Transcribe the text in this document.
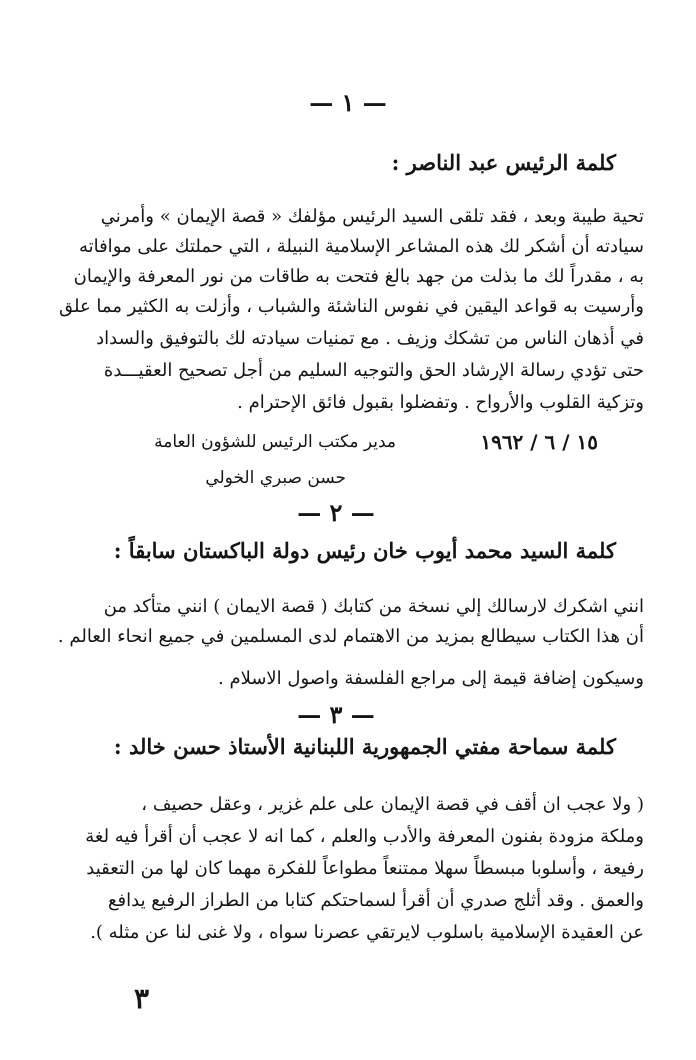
— ١ —
كلمة الرئيس عبد الناصر :
تحية طيبة وبعد ، فقد تلقى السيد الرئيس مؤلفك « قصة الإيمان » وأمرني
سيادته أن أشكر لك هذه المشاعر الإسلامية النبيلة ، التي حملتك على موافاته
به ، مقدراً لك ما بذلت من جهد بالغ فتحت به طاقات من نور المعرفة والإيمان
وأرسيت به قواعد اليقين في نفوس الناشئة والشباب ، وأزلت به الكثير مما علق
في أذهان الناس من تشكك وزيف . مع تمنيات سيادته لك بالتوفيق والسداد
حتى تؤدي رسالة الإرشاد الحق والتوجيه السليم من أجل تصحيح العقيـــدة
وتزكية القلوب والأرواح . وتفضلوا بقبول فائق الإحترام .
١٥ / ٦ / ١٩٦٢
مدير مكتب الرئيس للشؤون العامة
حسن صبري الخولي
— ٢ —
كلمة السيد محمد أيوب خان رئيس دولة الباكستان سابقاً :
انني اشكرك لارسالك إلي نسخة من كتابك ( قصة الايمان ) انني متأكد من
أن هذا الكتاب سيطالع بمزيد من الاهتمام لدى المسلمين في جميع انحاء العالم .
وسيكون إضافة قيمة إلى مراجع الفلسفة واصول الاسلام .
— ٣ —
كلمة سماحة مفتي الجمهورية اللبنانية الأستاذ حسن خالد :
( ولا عجب ان أقف في قصة الإيمان على علم غزير ، وعقل حصيف ،
وملكة مزودة بفنون المعرفة والأدب والعلم ، كما انه لا عجب أن أقرأ فيه لغة
رفيعة ، وأسلوبا مبسطاً سهلا ممتنعاً مطواعاً للفكرة مهما كان لها من التعقيد
والعمق . وقد أثلج صدري أن أقرأ لسماحتكم كتابا من الطراز الرفيع يدافع
عن العقيدة الإسلامية باسلوب لايرتقي عصرنا سواه ، ولا غنى لنا عن مثله ).
٣
